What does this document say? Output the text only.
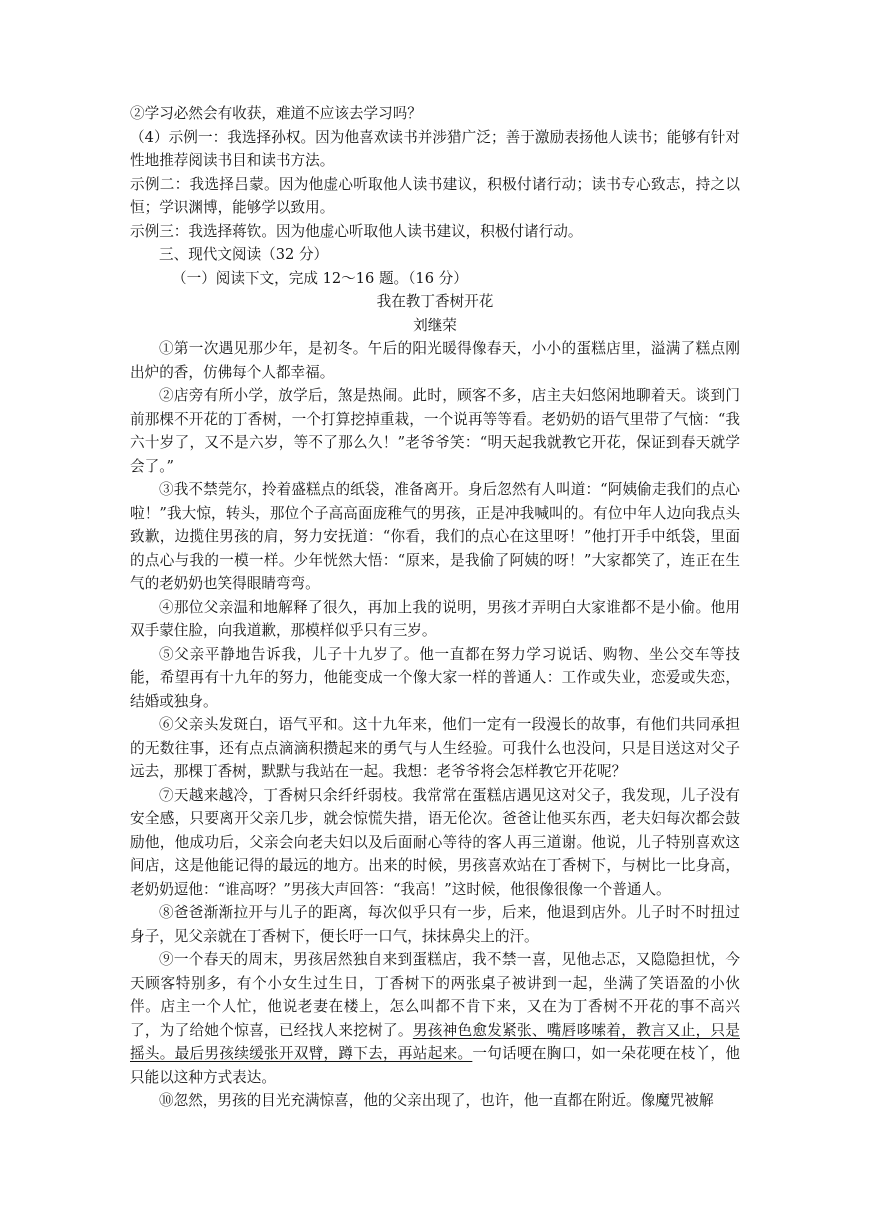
②学习必然会有收获，难道不应该去学习吗？

（4）示例一：我选择孙权。因为他喜欢读书并涉猎广泛；善于激励表扬他人读书；能够有针对性地推荐阅读书目和读书方法。

示例二：我选择吕蒙。因为他虚心听取他人读书建议，积极付诸行动；读书专心致志，持之以恒；学识渊博，能够学以致用。

示例三：我选择蒋钦。因为他虚心听取他人读书建议，积极付诸行动。

三、现代文阅读（32 分）

（一）阅读下文，完成 12～16 题。（16 分）

我在教丁香树开花

刘继荣

①第一次遇见那少年，是初冬。午后的阳光暖得像春天，小小的蛋糕店里，溢满了糕点刚出炉的香，仿佛每个人都幸福。

②店旁有所小学，放学后，煞是热闹。此时，顾客不多，店主夫妇悠闲地聊着天。谈到门前那棵不开花的丁香树，一个打算挖掉重栽，一个说再等等看。老奶奶的语气里带了气恼：“我六十岁了，又不是六岁，等不了那么久！”老爷爷笑：“明天起我就教它开花，保证到春天就学会了。”

③我不禁莞尔，拎着盛糕点的纸袋，准备离开。身后忽然有人叫道：“阿姨偷走我们的点心啦！”我大惊，转头，那位个子高高面庞稚气的男孩，正是冲我喊叫的。有位中年人边向我点头致歉，边揽住男孩的肩，努力安抚道：“你看，我们的点心在这里呀！”他打开手中纸袋，里面的点心与我的一模一样。少年恍然大悟：“原来，是我偷了阿姨的呀！”大家都笑了，连正在生气的老奶奶也笑得眼睛弯弯。

④那位父亲温和地解释了很久，再加上我的说明，男孩才弄明白大家谁都不是小偷。他用双手蒙住脸，向我道歉，那模样似乎只有三岁。

⑤父亲平静地告诉我，儿子十九岁了。他一直都在努力学习说话、购物、坐公交车等技能，希望再有十九年的努力，他能变成一个像大家一样的普通人：工作或失业，恋爱或失恋，结婚或独身。

⑥父亲头发斑白，语气平和。这十九年来，他们一定有一段漫长的故事，有他们共同承担的无数往事，还有点点滴滴积攒起来的勇气与人生经验。可我什么也没问，只是目送这对父子远去，那棵丁香树，默默与我站在一起。我想：老爷爷将会怎样教它开花呢？

⑦天越来越冷，丁香树只余纤纤弱枝。我常常在蛋糕店遇见这对父子，我发现，儿子没有安全感，只要离开父亲几步，就会惊慌失措，语无伦次。爸爸让他买东西，老夫妇每次都会鼓励他，他成功后，父亲会向老夫妇以及后面耐心等待的客人再三道谢。他说，儿子特别喜欢这间店，这是他能记得的最远的地方。出来的时候，男孩喜欢站在丁香树下，与树比一比身高，老奶奶逗他：“谁高呀？”男孩大声回答：“我高！”这时候，他很像很像一个普通人。

⑧爸爸渐渐拉开与儿子的距离，每次似乎只有一步，后来，他退到店外。儿子时不时扭过身子，见父亲就在丁香树下，便长吁一口气，抹抹鼻尖上的汗。

⑨一个春天的周末，男孩居然独自来到蛋糕店，我不禁一喜，见他忐忑，又隐隐担忧，今天顾客特别多，有个小女生过生日，丁香树下的两张桌子被讲到一起，坐满了笑语盈的小伙伴。店主一个人忙，他说老妻在楼上，怎么叫都不肯下来，又在为丁香树不开花的事不高兴了，为了给她个惊喜，已经找人来挖树了。男孩神色愈发紧张、嘴唇哆嗦着，教言又止，只是摇头。最后男孩续缓张开双臂，蹲下去，再站起来。一句话哽在胸口，如一朵花哽在枝丫，他只能以这种方式表达。

⑩忽然，男孩的目光充满惊喜，他的父亲出现了，也许，他一直都在附近。像魔咒被解
